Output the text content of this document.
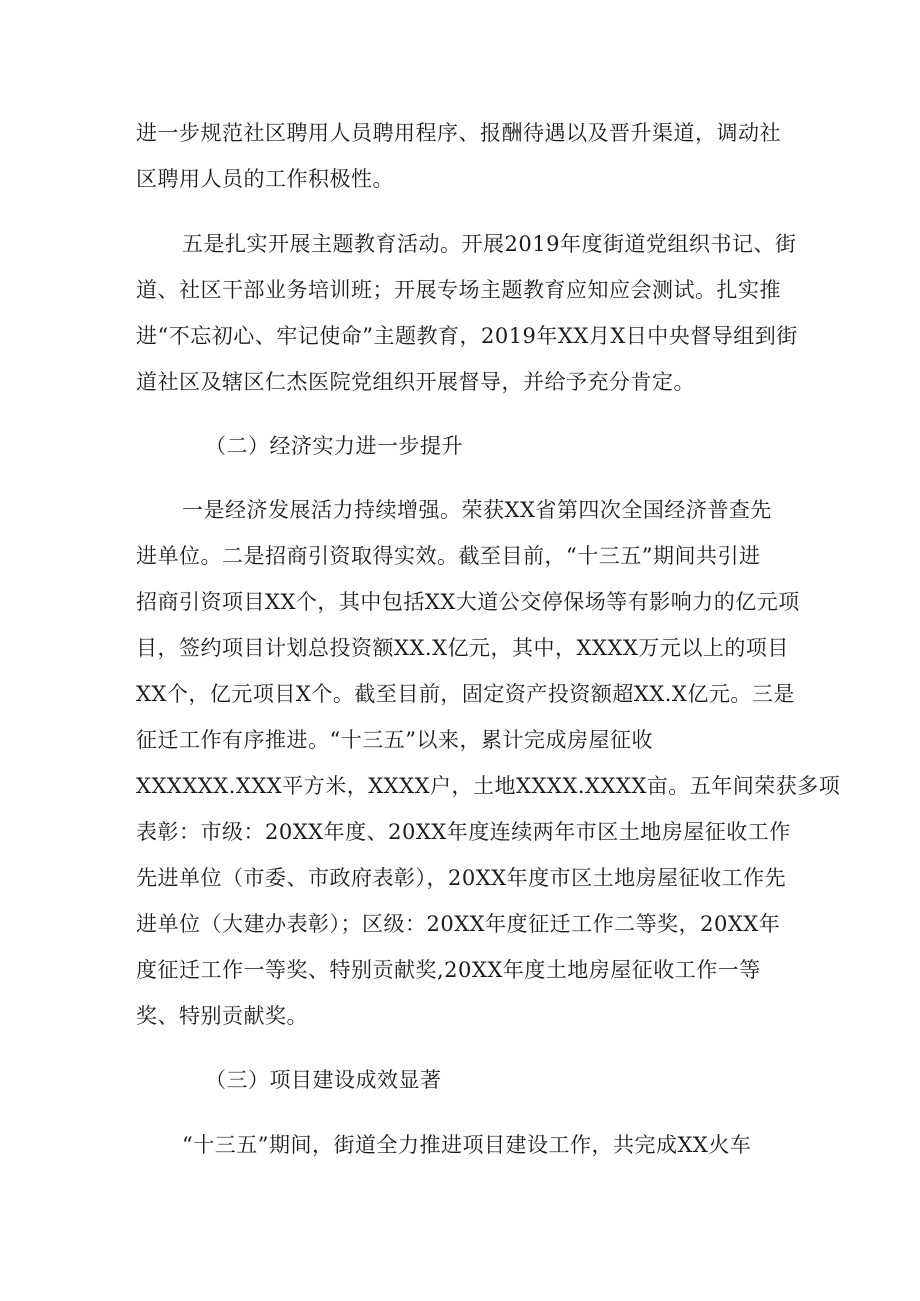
进一步规范社区聘用人员聘用程序、报酬待遇以及晋升渠道，调动社
区聘用人员的工作积极性。
五是扎实开展主题教育活动。开展2019年度街道党组织书记、街
道、社区干部业务培训班；开展专场主题教育应知应会测试。扎实推
进“不忘初心、牢记使命”主题教育，2019年XX月X日中央督导组到街
道社区及辖区仁杰医院党组织开展督导，并给予充分肯定。
（二）经济实力进一步提升
一是经济发展活力持续增强。荣获XX省第四次全国经济普查先
进单位。二是招商引资取得实效。截至目前，“十三五”期间共引进
招商引资项目XX个，其中包括XX大道公交停保场等有影响力的亿元项
目，签约项目计划总投资额XX.X亿元，其中，XXXX万元以上的项目
XX个，亿元项目X个。截至目前，固定资产投资额超XX.X亿元。三是
征迁工作有序推进。“十三五”以来，累计完成房屋征收
XXXXXX.XXX平方米，XXXX户，土地XXXX.XXXX亩。五年间荣获多项
表彰：市级：20XX年度、20XX年度连续两年市区土地房屋征收工作
先进单位（市委、市政府表彰），20XX年度市区土地房屋征收工作先
进单位（大建办表彰）；区级：20XX年度征迁工作二等奖，20XX年
度征迁工作一等奖、特别贡献奖,20XX年度土地房屋征收工作一等
奖、特别贡献奖。
（三）项目建设成效显著
“十三五”期间，街道全力推进项目建设工作，共完成XX火车
